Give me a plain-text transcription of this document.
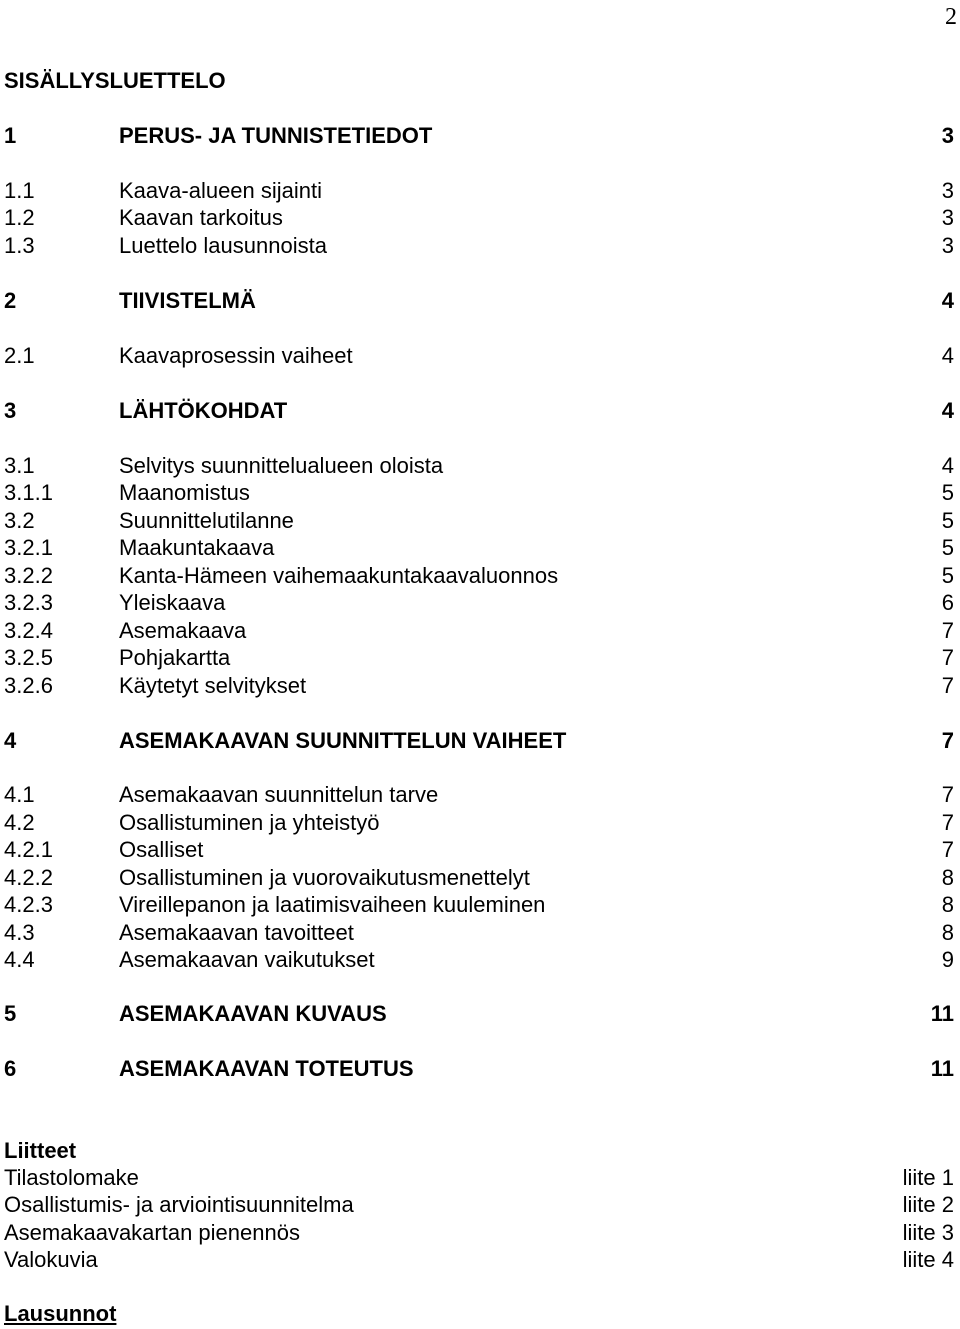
2
SISÄLLYSLUETTELO
1	PERUS- JA TUNNISTETIEDOT	3
1.1	Kaava-alueen sijainti	3
1.2	Kaavan tarkoitus	3
1.3	Luettelo lausunnoista	3
2	TIIVISTELMÄ	4
2.1	Kaavaprosessin vaiheet	4
3	LÄHTÖKOHDAT	4
3.1	Selvitys suunnittelualueen oloista	4
3.1.1	Maanomistus	5
3.2	Suunnittelutilanne	5
3.2.1	Maakuntakaava	5
3.2.2	Kanta-Hämeen vaihemaakuntakaavaluonnos	5
3.2.3	Yleiskaava	6
3.2.4	Asemakaava	7
3.2.5	Pohjakartta	7
3.2.6	Käytetyt selvitykset	7
4	ASEMAKAAVAN SUUNNITTELUN VAIHEET	7
4.1	Asemakaavan suunnittelun tarve	7
4.2	Osallistuminen ja yhteistyö	7
4.2.1	Osalliset	7
4.2.2	Osallistuminen ja vuorovaikutusmenettelyt	8
4.2.3	Vireillepanon ja laatimisvaiheen kuuleminen	8
4.3	Asemakaavan tavoitteet	8
4.4	Asemakaavan vaikutukset	9
5	ASEMAKAAVAN KUVAUS	11
6	ASEMAKAAVAN TOTEUTUS	11
Liitteet
Tilastolomake	liite 1
Osallistumis- ja arviointisuunnitelma	liite 2
Asemakaavakartan pienennös	liite 3
Valokuvia	liite 4
Lausunnot
